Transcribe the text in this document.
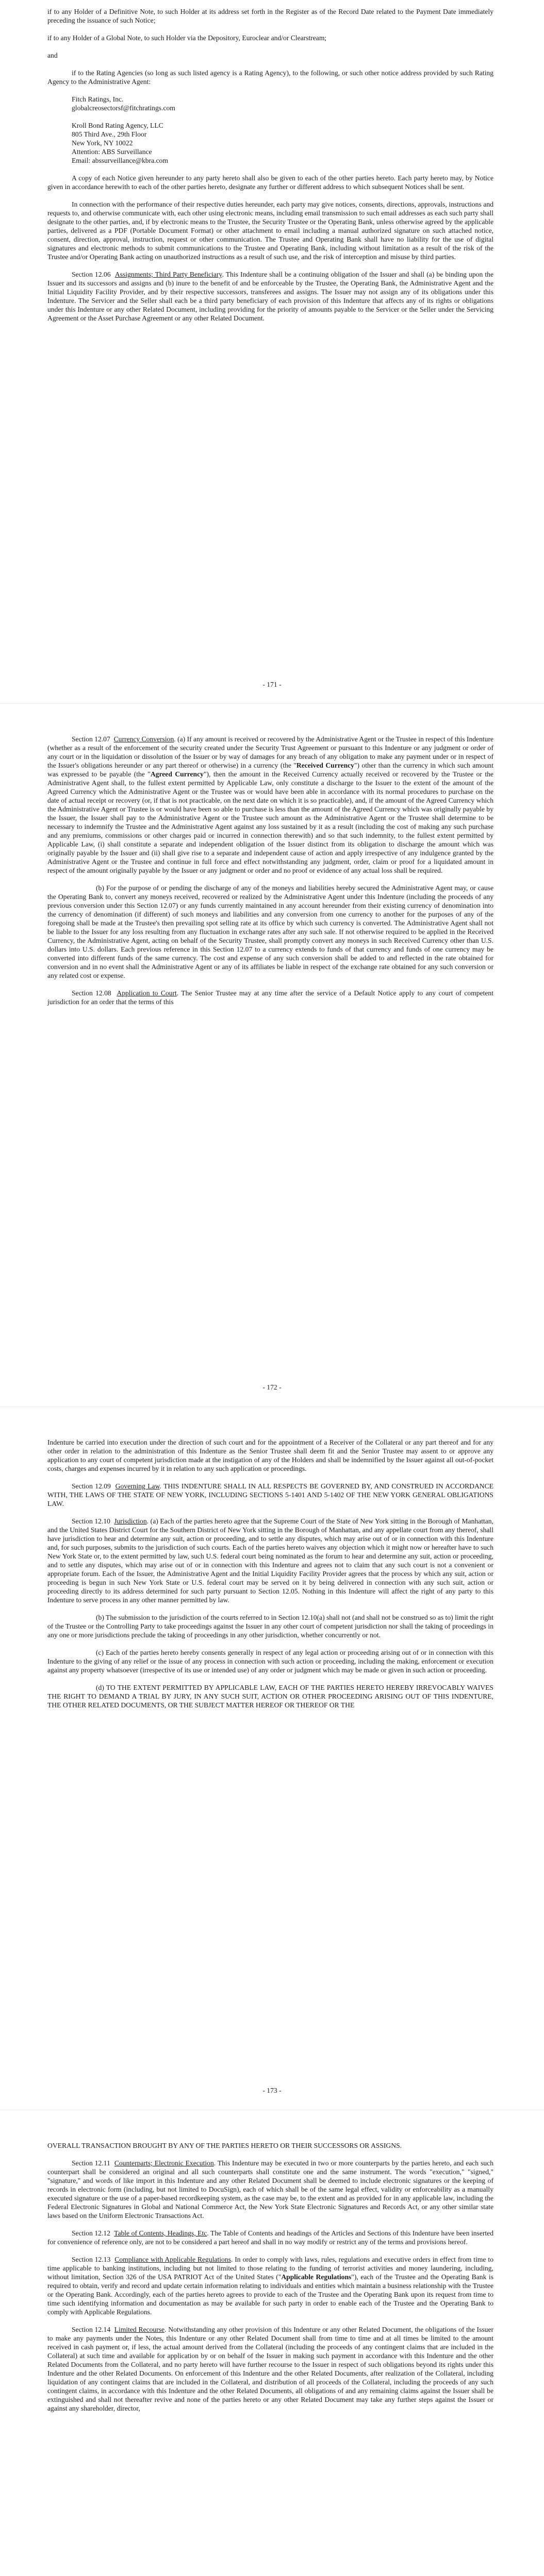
if to any Holder of a Definitive Note, to such Holder at its address set forth in the Register as of the Record Date related to the Payment Date immediately preceding the issuance of such Notice;

if to any Holder of a Global Note, to such Holder via the Depository, Euroclear and/or Clearstream;

and

if to the Rating Agencies (so long as such listed agency is a Rating Agency), to the following, or such other notice address provided by such Rating Agency to the Administrative Agent:

Fitch Ratings, Inc.
globalcreosectorsf@fitchratings.com
Kroll Bond Rating Agency, LLC
805 Third Ave., 29th Floor
New York, NY 10022
Attention: ABS Surveillance
Email: abssurveillance@kbra.com

A copy of each Notice given hereunder to any party hereto shall also be given to each of the other parties hereto. Each party hereto may, by Notice given in accordance herewith to each of the other parties hereto, designate any further or different address to which subsequent Notices shall be sent.

In connection with the performance of their respective duties hereunder, each party may give notices, consents, directions, approvals, instructions and requests to, and otherwise communicate with, each other using electronic means, including email transmission to such email addresses as each such party shall designate to the other parties, and, if by electronic means to the Trustee, the Security Trustee or the Operating Bank, unless otherwise agreed by the applicable parties, delivered as a PDF (Portable Document Format) or other attachment to email including a manual authorized signature on such attached notice, consent, direction, approval, instruction, request or other communication. The Trustee and Operating Bank shall have no liability for the use of digital signatures and electronic methods to submit communications to the Trustee and Operating Bank, including without limitation as a result of the risk of the Trustee and/or Operating Bank acting on unauthorized instructions as a result of such use, and the risk of interception and misuse by third parties.

Section 12.06 Assignments; Third Party Beneficiary. This Indenture shall be a continuing obligation of the Issuer and shall (a) be binding upon the Issuer and its successors and assigns and (b) inure to the benefit of and be enforceable by the Trustee, the Operating Bank, the Administrative Agent and the Initial Liquidity Facility Provider, and by their respective successors, transferees and assigns. The Issuer may not assign any of its obligations under this Indenture. The Servicer and the Seller shall each be a third party beneficiary of each provision of this Indenture that affects any of its rights or obligations under this Indenture or any other Related Document, including providing for the priority of amounts payable to the Servicer or the Seller under the Servicing Agreement or the Asset Purchase Agreement or any other Related Document.

- 171 -

Section 12.07 Currency Conversion. (a) If any amount is received or recovered by the Administrative Agent or the Trustee in respect of this Indenture (whether as a result of the enforcement of the security created under the Security Trust Agreement or pursuant to this Indenture or any judgment or order of any court or in the liquidation or dissolution of the Issuer or by way of damages for any breach of any obligation to make any payment under or in respect of the Issuer's obligations hereunder or any part thereof or otherwise) in a currency (the "Received Currency") other than the currency in which such amount was expressed to be payable (the "Agreed Currency"), then the amount in the Received Currency actually received or recovered by the Trustee or the Administrative Agent shall, to the fullest extent permitted by Applicable Law, only constitute a discharge to the Issuer to the extent of the amount of the Agreed Currency which the Administrative Agent or the Trustee was or would have been able in accordance with its normal procedures to purchase on the date of actual receipt or recovery (or, if that is not practicable, on the next date on which it is so practicable), and, if the amount of the Agreed Currency which the Administrative Agent or Trustee is or would have been so able to purchase is less than the amount of the Agreed Currency which was originally payable by the Issuer, the Issuer shall pay to the Administrative Agent or the Trustee such amount as the Administrative Agent or the Trustee shall determine to be necessary to indemnify the Trustee and the Administrative Agent against any loss sustained by it as a result (including the cost of making any such purchase and any premiums, commissions or other charges paid or incurred in connection therewith) and so that such indemnity, to the fullest extent permitted by Applicable Law, (i) shall constitute a separate and independent obligation of the Issuer distinct from its obligation to discharge the amount which was originally payable by the Issuer and (ii) shall give rise to a separate and independent cause of action and apply irrespective of any indulgence granted by the Administrative Agent or the Trustee and continue in full force and effect notwithstanding any judgment, order, claim or proof for a liquidated amount in respect of the amount originally payable by the Issuer or any judgment or order and no proof or evidence of any actual loss shall be required.

(b) For the purpose of or pending the discharge of any of the moneys and liabilities hereby secured the Administrative Agent may, or cause the Operating Bank to, convert any moneys received, recovered or realized by the Administrative Agent under this Indenture (including the proceeds of any previous conversion under this Section 12.07) or any funds currently maintained in any account hereunder from their existing currency of denomination into the currency of denomination (if different) of such moneys and liabilities and any conversion from one currency to another for the purposes of any of the foregoing shall be made at the Trustee's then prevailing spot selling rate at its office by which such currency is converted. The Administrative Agent shall not be liable to the Issuer for any loss resulting from any fluctuation in exchange rates after any such sale. If not otherwise required to be applied in the Received Currency, the Administrative Agent, acting on behalf of the Security Trustee, shall promptly convert any moneys in such Received Currency other than U.S. dollars into U.S. dollars. Each previous reference in this Section 12.07 to a currency extends to funds of that currency and funds of one currency may be converted into different funds of the same currency. The cost and expense of any such conversion shall be added to and reflected in the rate obtained for conversion and in no event shall the Administrative Agent or any of its affiliates be liable in respect of the exchange rate obtained for any such conversion or any related cost or expense.

Section 12.08 Application to Court. The Senior Trustee may at any time after the service of a Default Notice apply to any court of competent jurisdiction for an order that the terms of this

- 172 -

Indenture be carried into execution under the direction of such court and for the appointment of a Receiver of the Collateral or any part thereof and for any other order in relation to the administration of this Indenture as the Senior Trustee shall deem fit and the Senior Trustee may assent to or approve any application to any court of competent jurisdiction made at the instigation of any of the Holders and shall be indemnified by the Issuer against all out-of-pocket costs, charges and expenses incurred by it in relation to any such application or proceedings.

Section 12.09 Governing Law. THIS INDENTURE SHALL IN ALL RESPECTS BE GOVERNED BY, AND CONSTRUED IN ACCORDANCE WITH, THE LAWS OF THE STATE OF NEW YORK, INCLUDING SECTIONS 5-1401 AND 5-1402 OF THE NEW YORK GENERAL OBLIGATIONS LAW.

Section 12.10 Jurisdiction. (a) Each of the parties hereto agree that the Supreme Court of the State of New York sitting in the Borough of Manhattan, and the United States District Court for the Southern District of New York sitting in the Borough of Manhattan, and any appellate court from any thereof, shall have jurisdiction to hear and determine any suit, action or proceeding, and to settle any disputes, which may arise out of or in connection with this Indenture and, for such purposes, submits to the jurisdiction of such courts. Each of the parties hereto waives any objection which it might now or hereafter have to such New York State or, to the extent permitted by law, such U.S. federal court being nominated as the forum to hear and determine any suit, action or proceeding, and to settle any disputes, which may arise out of or in connection with this Indenture and agrees not to claim that any such court is not a convenient or appropriate forum. Each of the Issuer, the Administrative Agent and the Initial Liquidity Facility Provider agrees that the process by which any suit, action or proceeding is begun in such New York State or U.S. federal court may be served on it by being delivered in connection with any such suit, action or proceeding directly to its address determined for such party pursuant to Section 12.05. Nothing in this Indenture will affect the right of any party to this Indenture to serve process in any other manner permitted by law.

(b) The submission to the jurisdiction of the courts referred to in Section 12.10(a) shall not (and shall not be construed so as to) limit the right of the Trustee or the Controlling Party to take proceedings against the Issuer in any other court of competent jurisdiction nor shall the taking of proceedings in any one or more jurisdictions preclude the taking of proceedings in any other jurisdiction, whether concurrently or not.

(c) Each of the parties hereto hereby consents generally in respect of any legal action or proceeding arising out of or in connection with this Indenture to the giving of any relief or the issue of any process in connection with such action or proceeding, including the making, enforcement or execution against any property whatsoever (irrespective of its use or intended use) of any order or judgment which may be made or given in such action or proceeding.

(d) TO THE EXTENT PERMITTED BY APPLICABLE LAW, EACH OF THE PARTIES HERETO HEREBY IRREVOCABLY WAIVES THE RIGHT TO DEMAND A TRIAL BY JURY, IN ANY SUCH SUIT, ACTION OR OTHER PROCEEDING ARISING OUT OF THIS INDENTURE, THE OTHER RELATED DOCUMENTS, OR THE SUBJECT MATTER HEREOF OR THEREOF OR THE

- 173 -

OVERALL TRANSACTION BROUGHT BY ANY OF THE PARTIES HERETO OR THEIR SUCCESSORS OR ASSIGNS.

Section 12.11 Counterparts; Electronic Execution. This Indenture may be executed in two or more counterparts by the parties hereto, and each such counterpart shall be considered an original and all such counterparts shall constitute one and the same instrument. The words "execution," "signed," "signature," and words of like import in this Indenture and any other Related Document shall be deemed to include electronic signatures or the keeping of records in electronic form (including, but not limited to DocuSign), each of which shall be of the same legal effect, validity or enforceability as a manually executed signature or the use of a paper-based recordkeeping system, as the case may be, to the extent and as provided for in any applicable law, including the Federal Electronic Signatures in Global and National Commerce Act, the New York State Electronic Signatures and Records Act, or any other similar state laws based on the Uniform Electronic Transactions Act.

Section 12.12 Table of Contents, Headings, Etc. The Table of Contents and headings of the Articles and Sections of this Indenture have been inserted for convenience of reference only, are not to be considered a part hereof and shall in no way modify or restrict any of the terms and provisions hereof.

Section 12.13 Compliance with Applicable Regulations. In order to comply with laws, rules, regulations and executive orders in effect from time to time applicable to banking institutions, including but not limited to those relating to the funding of terrorist activities and money laundering, including, without limitation, Section 326 of the USA PATRIOT Act of the United States ("Applicable Regulations"), each of the Trustee and the Operating Bank is required to obtain, verify and record and update certain information relating to individuals and entities which maintain a business relationship with the Trustee or the Operating Bank. Accordingly, each of the parties hereto agrees to provide to each of the Trustee and the Operating Bank upon its request from time to time such identifying information and documentation as may be available for such party in order to enable each of the Trustee and the Operating Bank to comply with Applicable Regulations.

Section 12.14 Limited Recourse. Notwithstanding any other provision of this Indenture or any other Related Document, the obligations of the Issuer to make any payments under the Notes, this Indenture or any other Related Document shall from time to time and at all times be limited to the amount received in cash payment or, if less, the actual amount derived from the Collateral (including the proceeds of any contingent claims that are included in the Collateral) at such time and available for application by or on behalf of the Issuer in making such payment in accordance with this Indenture and the other Related Documents from the Collateral, and no party hereto will have further recourse to the Issuer in respect of such obligations beyond its rights under this Indenture and the other Related Documents. On enforcement of this Indenture and the other Related Documents, after realization of the Collateral, including liquidation of any contingent claims that are included in the Collateral, and distribution of all proceeds of the Collateral, including the proceeds of any such contingent claims, in accordance with this Indenture and the other Related Documents, all obligations of and any remaining claims against the Issuer shall be extinguished and shall not thereafter revive and none of the parties hereto or any other Related Document may take any further steps against the Issuer or against any shareholder, director,
